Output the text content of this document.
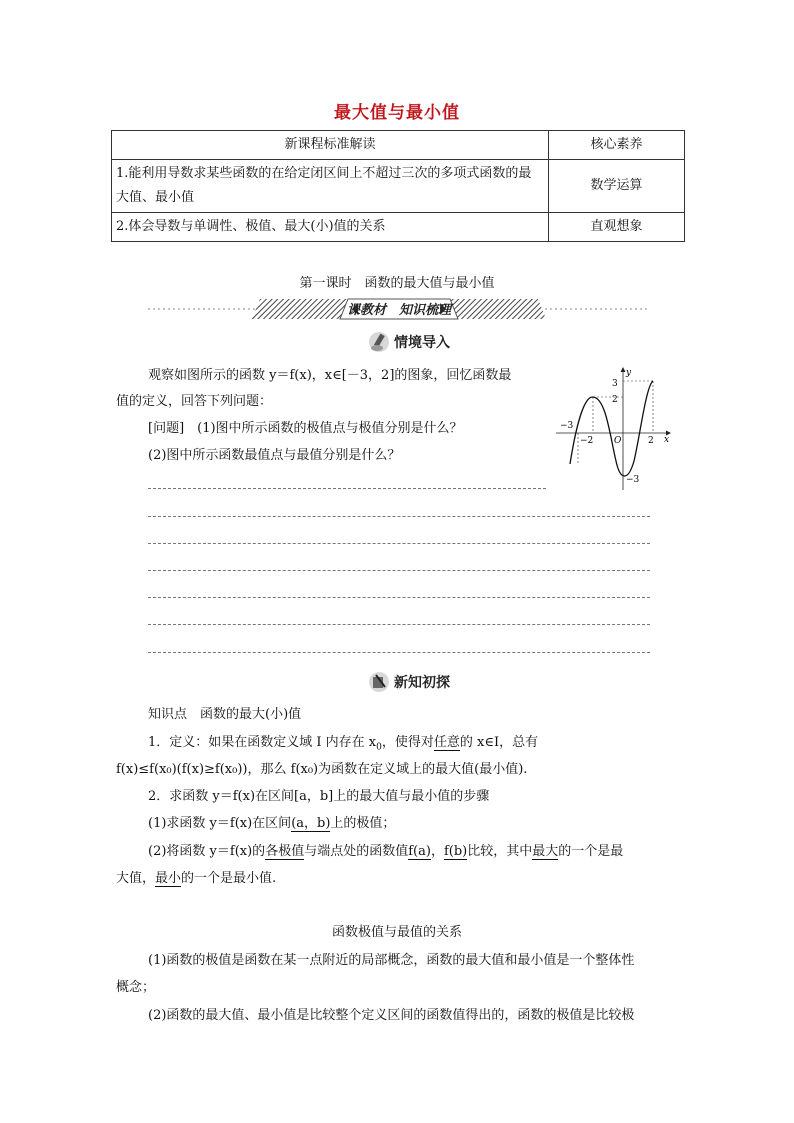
最大值与最小值
新课程标准解读	核心素养
1.能利用导数求某些函数的在给定闭区间上不超过三次的多项式函数的最大值、最小值	数学运算
2.体会导数与单调性、极值、最大(小)值的关系	直观想象
第一课时　函数的最大值与最小值
课教材　知识梳理
情境导入
观察如图所示的函数 y＝f(x)，x∈[－3，2]的图象，回忆函数最
值的定义，回答下列问题：
[问题]　(1)图中所示函数的极值点与极值分别是什么？
(2)图中所示函数最值点与最值分别是什么？
3
2
−3
−2 O	2
−3
x
y
新知初探
知识点　函数的最大(小)值
1．定义：如果在函数定义域 I 内存在 $x_0$，使得对任意的 x∈I，总有
f(x)≤f(x₀)(f(x)≥f(x₀))，那么 f(x₀)为函数在定义域上的最大值(最小值).
2．求函数 y＝f(x)在区间[a，b]上的最大值与最小值的步骤
(1)求函数 y＝f(x)在区间(a，b)上的极值；
(2)将函数 y＝f(x)的各极值与端点处的函数值f(a)，f(b)比较，其中最大的一个是最
大值，最小的一个是最小值.
函数极值与最值的关系
(1)函数的极值是函数在某一点附近的局部概念，函数的最大值和最小值是一个整体性
概念；
(2)函数的最大值、最小值是比较整个定义区间的函数值得出的，函数的极值是比较极
